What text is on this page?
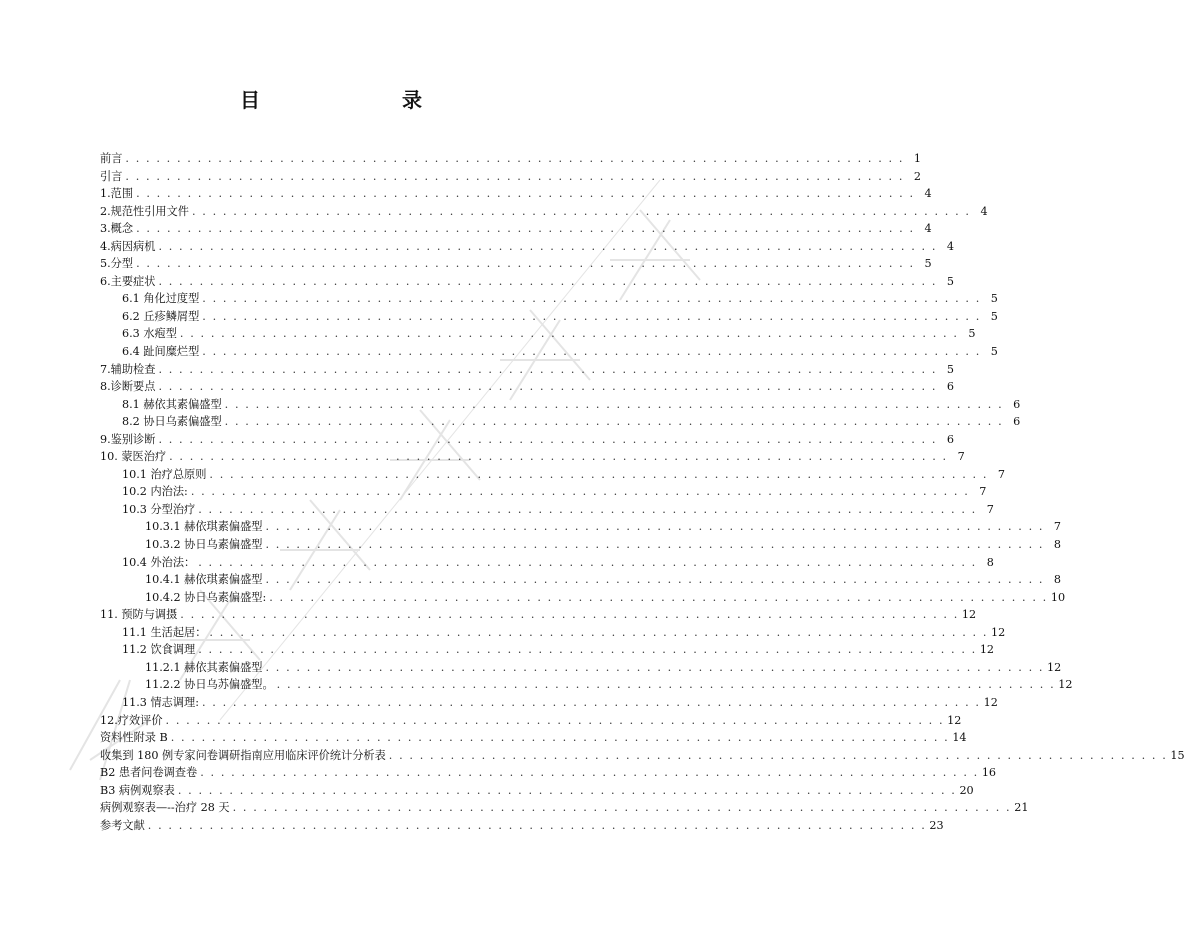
目　　录
前言 . . . . . . . . . . . . . . . . . . . . . . . . . . . . . . . . . . . . . . . . . . . . . . . . . . . . . . . . . . . . . . . . . . . . . . . . . . . . 1
引言 . . . . . . . . . . . . . . . . . . . . . . . . . . . . . . . . . . . . . . . . . . . . . . . . . . . . . . . . . . . . . . . . . . . . . . . . . . . . 2
1.范围 . . . . . . . . . . . . . . . . . . . . . . . . . . . . . . . . . . . . . . . . . . . . . . . . . . . . . . . . . . . . . . . . . . . . . . . . . . . . 4
2.规范性引用文件 . . . . . . . . . . . . . . . . . . . . . . . . . . . . . . . . . . . . . . . . . . . . . . . . . . . . . . . . . . . . . . . . . . . . . . . . . . . . 4
3.概念 . . . . . . . . . . . . . . . . . . . . . . . . . . . . . . . . . . . . . . . . . . . . . . . . . . . . . . . . . . . . . . . . . . . . . . . . . . . . 4
4.病因病机 . . . . . . . . . . . . . . . . . . . . . . . . . . . . . . . . . . . . . . . . . . . . . . . . . . . . . . . . . . . . . . . . . . . . . . . . . . . . 4
5.分型 . . . . . . . . . . . . . . . . . . . . . . . . . . . . . . . . . . . . . . . . . . . . . . . . . . . . . . . . . . . . . . . . . . . . . . . . . . . . 5
6.主要症状 . . . . . . . . . . . . . . . . . . . . . . . . . . . . . . . . . . . . . . . . . . . . . . . . . . . . . . . . . . . . . . . . . . . . . . . . . . . . 5
6.1 角化过度型 . . . . . . . . . . . . . . . . . . . . . . . . . . . . . . . . . . . . . . . . . . . . . . . . . . . . . . . . . . . . . . . . . . . . . . . . . . . . 5
6.2 丘疹鳞屑型 . . . . . . . . . . . . . . . . . . . . . . . . . . . . . . . . . . . . . . . . . . . . . . . . . . . . . . . . . . . . . . . . . . . . . . . . . . . . 5
6.3 水疱型 . . . . . . . . . . . . . . . . . . . . . . . . . . . . . . . . . . . . . . . . . . . . . . . . . . . . . . . . . . . . . . . . . . . . . . . . . . . . 5
6.4 趾间糜烂型 . . . . . . . . . . . . . . . . . . . . . . . . . . . . . . . . . . . . . . . . . . . . . . . . . . . . . . . . . . . . . . . . . . . . . . . . . . . . 5
7.辅助检查 . . . . . . . . . . . . . . . . . . . . . . . . . . . . . . . . . . . . . . . . . . . . . . . . . . . . . . . . . . . . . . . . . . . . . . . . . . . . 5
8.诊断要点 . . . . . . . . . . . . . . . . . . . . . . . . . . . . . . . . . . . . . . . . . . . . . . . . . . . . . . . . . . . . . . . . . . . . . . . . . . . . 6
8.1 赫依其素偏盛型 . . . . . . . . . . . . . . . . . . . . . . . . . . . . . . . . . . . . . . . . . . . . . . . . . . . . . . . . . . . . . . . . . . . . . . . . . . . . 6
8.2 协日乌素偏盛型 . . . . . . . . . . . . . . . . . . . . . . . . . . . . . . . . . . . . . . . . . . . . . . . . . . . . . . . . . . . . . . . . . . . . . . . . . . . . 6
9.鉴别诊断 . . . . . . . . . . . . . . . . . . . . . . . . . . . . . . . . . . . . . . . . . . . . . . . . . . . . . . . . . . . . . . . . . . . . . . . . . . . . 6
10. 蒙医治疗 . . . . . . . . . . . . . . . . . . . . . . . . . . . . . . . . . . . . . . . . . . . . . . . . . . . . . . . . . . . . . . . . . . . . . . . . . . . . 7
10.1 治疗总原则 . . . . . . . . . . . . . . . . . . . . . . . . . . . . . . . . . . . . . . . . . . . . . . . . . . . . . . . . . . . . . . . . . . . . . . . . . . . . 7
10.2 内治法: . . . . . . . . . . . . . . . . . . . . . . . . . . . . . . . . . . . . . . . . . . . . . . . . . . . . . . . . . . . . . . . . . . . . . . . . . . . . 7
10.3 分型治疗 . . . . . . . . . . . . . . . . . . . . . . . . . . . . . . . . . . . . . . . . . . . . . . . . . . . . . . . . . . . . . . . . . . . . . . . . . . . . 7
10.3.1 赫依琪素偏盛型 . . . . . . . . . . . . . . . . . . . . . . . . . . . . . . . . . . . . . . . . . . . . . . . . . . . . . . . . . . . . . . . . . . . . . . . . . . . . 7
10.3.2 协日乌素偏盛型 . . . . . . . . . . . . . . . . . . . . . . . . . . . . . . . . . . . . . . . . . . . . . . . . . . . . . . . . . . . . . . . . . . . . . . . . . . . . 8
10.4 外治法： . . . . . . . . . . . . . . . . . . . . . . . . . . . . . . . . . . . . . . . . . . . . . . . . . . . . . . . . . . . . . . . . . . . . . . . . . . . . 8
10.4.1 赫依琪素偏盛型 . . . . . . . . . . . . . . . . . . . . . . . . . . . . . . . . . . . . . . . . . . . . . . . . . . . . . . . . . . . . . . . . . . . . . . . . . . . . 8
10.4.2 协日乌素偏盛型: . . . . . . . . . . . . . . . . . . . . . . . . . . . . . . . . . . . . . . . . . . . . . . . . . . . . . . . . . . . . . . . . . . . . . . . . . . . . 10
11. 预防与调摄 . . . . . . . . . . . . . . . . . . . . . . . . . . . . . . . . . . . . . . . . . . . . . . . . . . . . . . . . . . . . . . . . . . . . . . . . . . . . 12
11.1 生活起居： . . . . . . . . . . . . . . . . . . . . . . . . . . . . . . . . . . . . . . . . . . . . . . . . . . . . . . . . . . . . . . . . . . . . . . . . . . . . 12
11.2 饮食调理 . . . . . . . . . . . . . . . . . . . . . . . . . . . . . . . . . . . . . . . . . . . . . . . . . . . . . . . . . . . . . . . . . . . . . . . . . . . . 12
11.2.1 赫依其素偏盛型 . . . . . . . . . . . . . . . . . . . . . . . . . . . . . . . . . . . . . . . . . . . . . . . . . . . . . . . . . . . . . . . . . . . . . . . . . . . . 12
11.2.2 协日乌苏偏盛型。 . . . . . . . . . . . . . . . . . . . . . . . . . . . . . . . . . . . . . . . . . . . . . . . . . . . . . . . . . . . . . . . . . . . . . . . . . . . . 12
11.3 情志调理: . . . . . . . . . . . . . . . . . . . . . . . . . . . . . . . . . . . . . . . . . . . . . . . . . . . . . . . . . . . . . . . . . . . . . . . . . . . . 12
12.疗效评价 . . . . . . . . . . . . . . . . . . . . . . . . . . . . . . . . . . . . . . . . . . . . . . . . . . . . . . . . . . . . . . . . . . . . . . . . . . . . 12
资料性附录 B . . . . . . . . . . . . . . . . . . . . . . . . . . . . . . . . . . . . . . . . . . . . . . . . . . . . . . . . . . . . . . . . . . . . . . . . . . . . 14
收集到 180 例专家问卷调研指南应用临床评价统计分析表 . . . . . . . . . . . . . . . . . . . . . . . . . . . . . . . . . . . . . . . . . . . . . . . . . . . . . . . . . . . . . . . . . . . . . . . . . . . . 15
B2 患者问卷调查卷 . . . . . . . . . . . . . . . . . . . . . . . . . . . . . . . . . . . . . . . . . . . . . . . . . . . . . . . . . . . . . . . . . . . . . . . . . . . . 16
B3 病例观察表 . . . . . . . . . . . . . . . . . . . . . . . . . . . . . . . . . . . . . . . . . . . . . . . . . . . . . . . . . . . . . . . . . . . . . . . . . . . . 20
病例观察表—--治疗 28 天 . . . . . . . . . . . . . . . . . . . . . . . . . . . . . . . . . . . . . . . . . . . . . . . . . . . . . . . . . . . . . . . . . . . . . . . . . . . . 21
参考文献 . . . . . . . . . . . . . . . . . . . . . . . . . . . . . . . . . . . . . . . . . . . . . . . . . . . . . . . . . . . . . . . . . . . . . . . . . . . . 23
